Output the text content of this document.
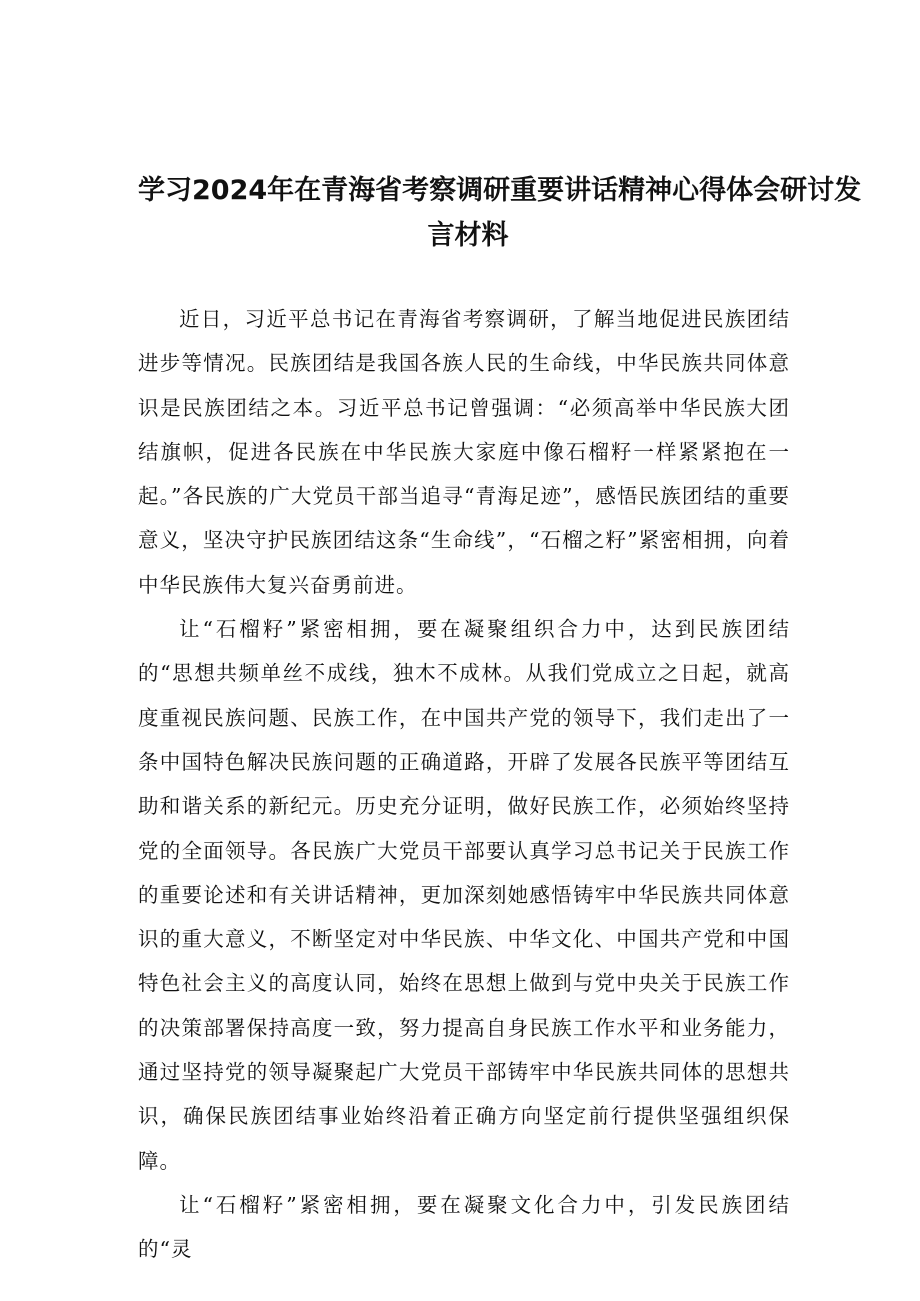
学习2024年在青海省考察调研重要讲话精神心得体会研讨发
言材料

近日，习近平总书记在青海省考察调研，了解当地促进民族团结进步等情况。民族团结是我国各族人民的生命线，中华民族共同体意识是民族团结之本。习近平总书记曾强调：“必须高举中华民族大团结旗帜，促进各民族在中华民族大家庭中像石榴籽一样紧紧抱在一起。”各民族的广大党员干部当追寻“青海足迹”，感悟民族团结的重要意义，坚决守护民族团结这条“生命线”，“石榴之籽”紧密相拥，向着中华民族伟大复兴奋勇前进。

让“石榴籽”紧密相拥，要在凝聚组织合力中，达到民族团结的“思想共频单丝不成线，独木不成林。从我们党成立之日起，就高度重视民族问题、民族工作，在中国共产党的领导下，我们走出了一条中国特色解决民族问题的正确道路，开辟了发展各民族平等团结互助和谐关系的新纪元。历史充分证明，做好民族工作，必须始终坚持党的全面领导。各民族广大党员干部要认真学习总书记关于民族工作的重要论述和有关讲话精神，更加深刻她感悟铸牢中华民族共同体意识的重大意义，不断坚定对中华民族、中华文化、中国共产党和中国特色社会主义的高度认同，始终在思想上做到与党中央关于民族工作的决策部署保持高度一致，努力提高自身民族工作水平和业务能力，通过坚持党的领导凝聚起广大党员干部铸牢中华民族共同体的思想共识，确保民族团结事业始终沿着正确方向坚定前行提供坚强组织保障。

让“石榴籽”紧密相拥，要在凝聚文化合力中，引发民族团结的“灵
